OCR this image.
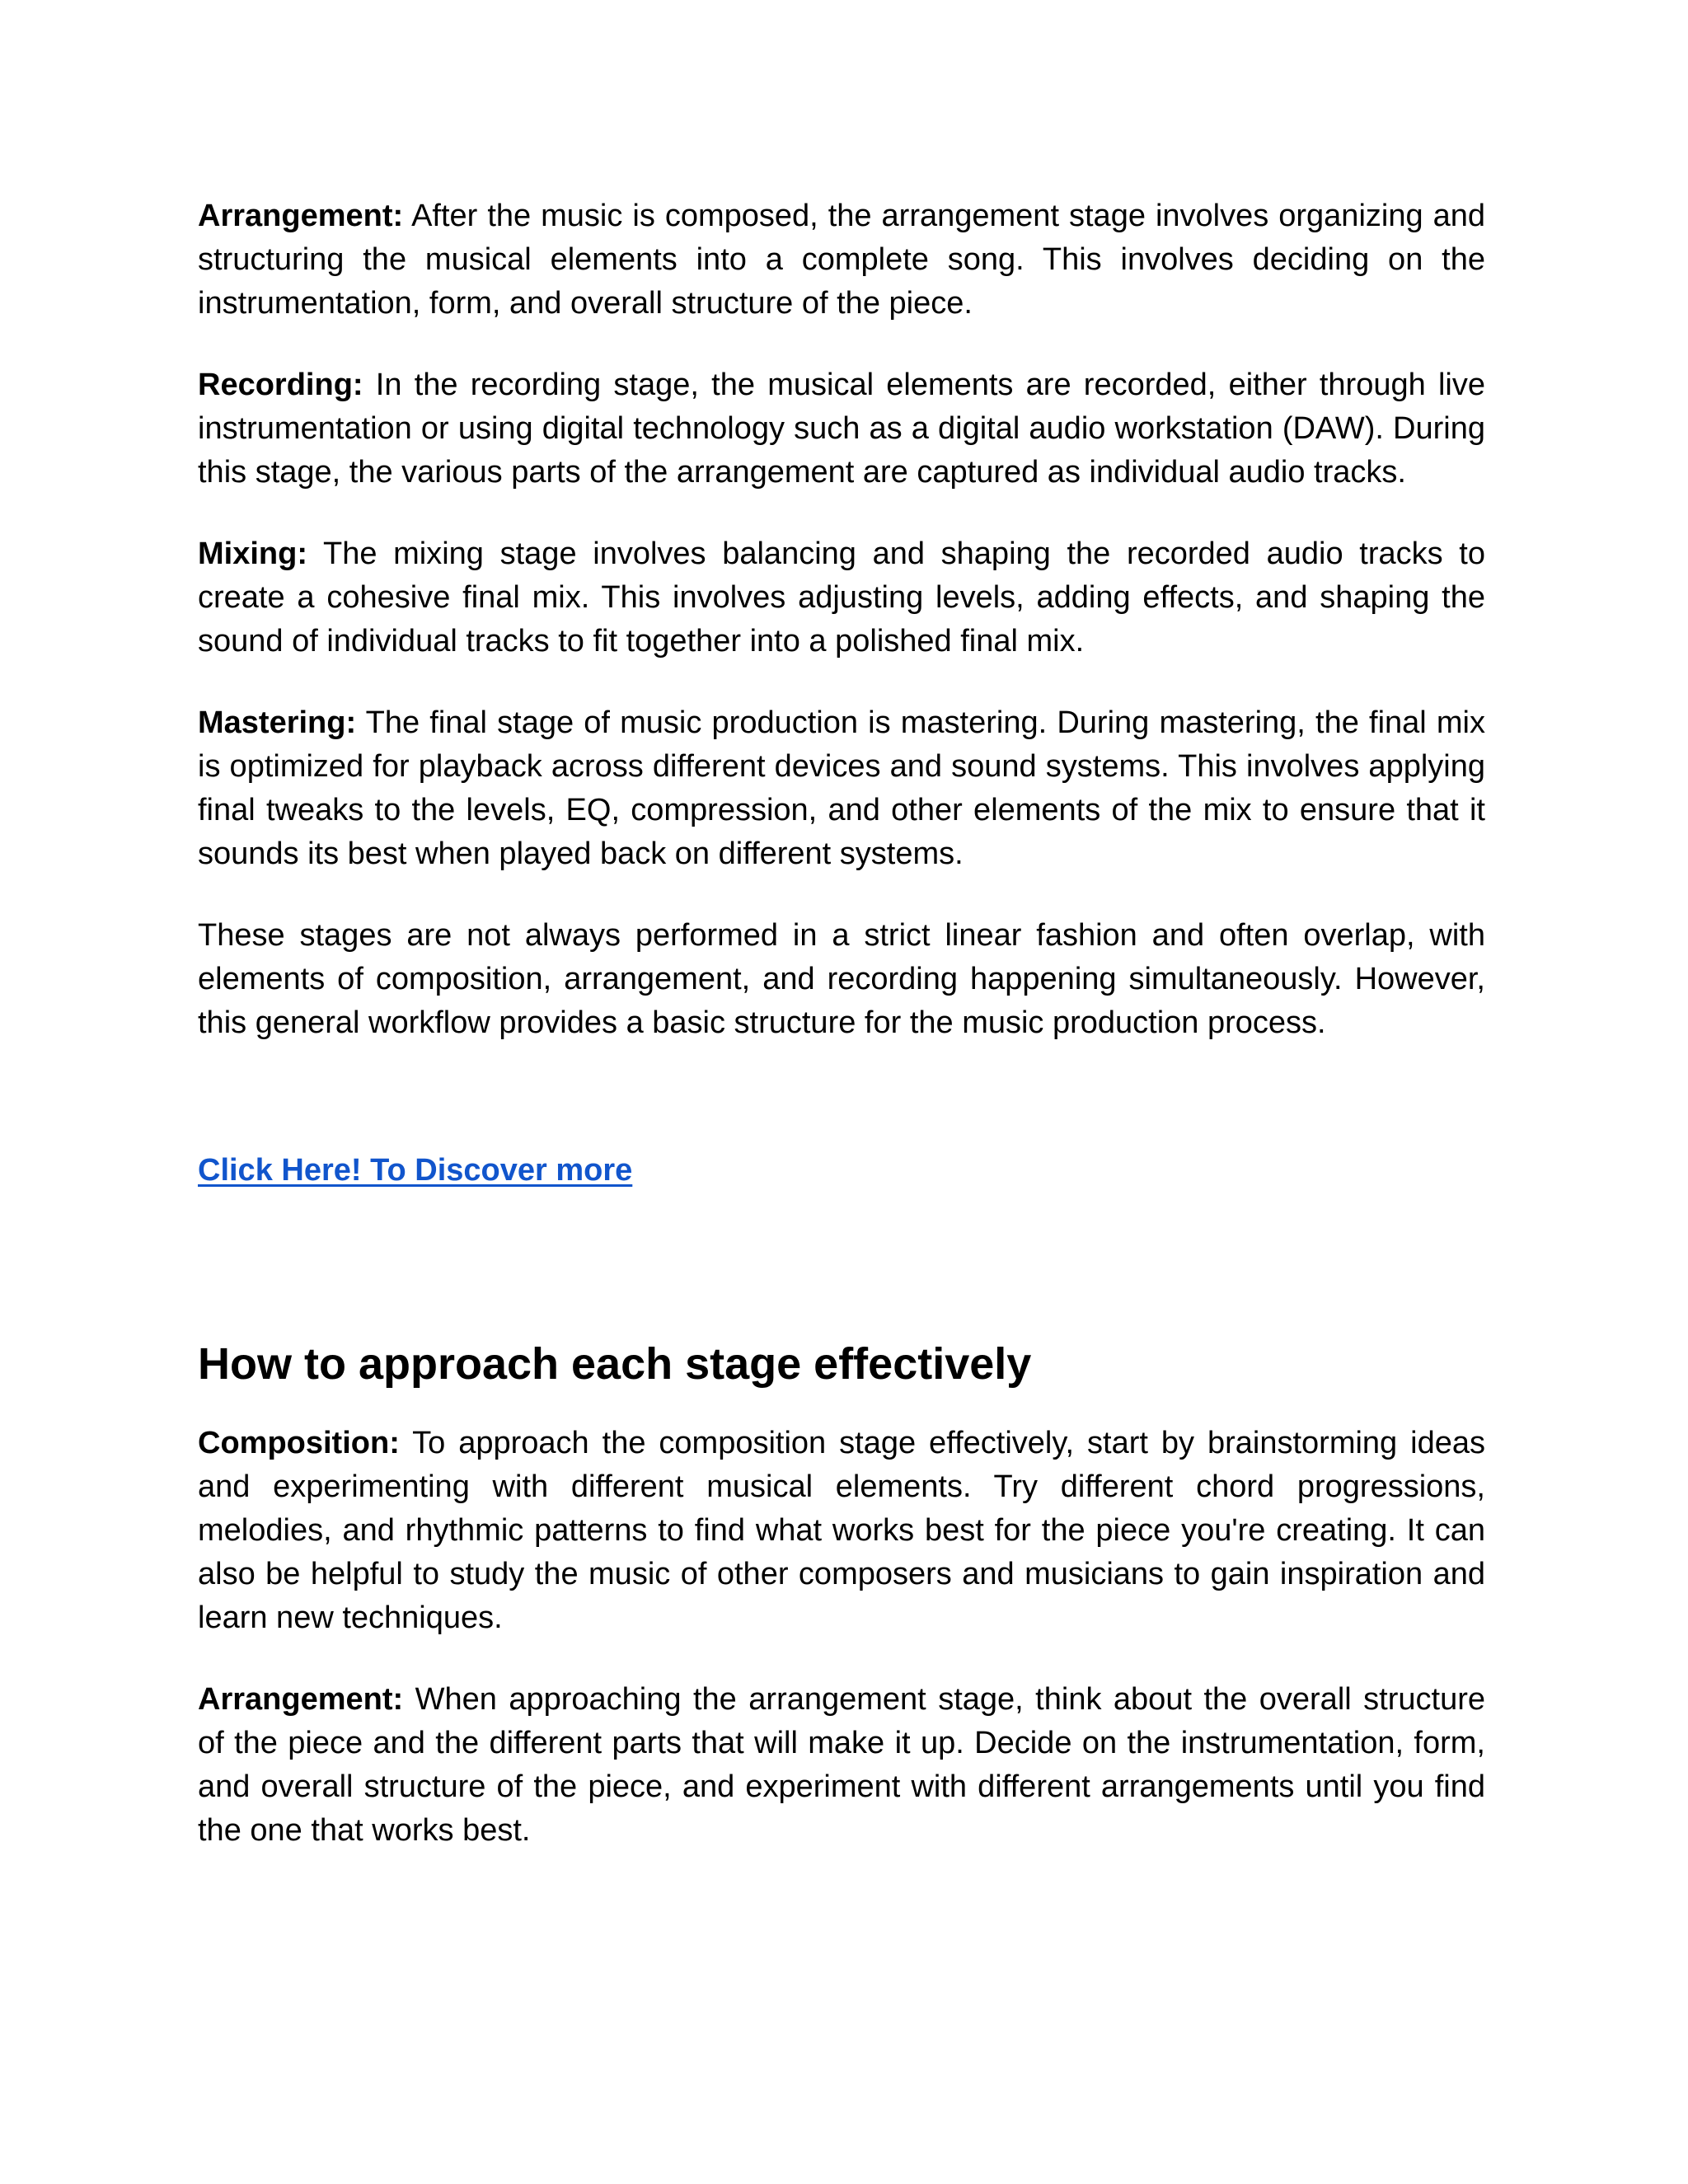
Arrangement: After the music is composed, the arrangement stage involves organizing and structuring the musical elements into a complete song. This involves deciding on the instrumentation, form, and overall structure of the piece.

Recording: In the recording stage, the musical elements are recorded, either through live instrumentation or using digital technology such as a digital audio workstation (DAW). During this stage, the various parts of the arrangement are captured as individual audio tracks.

Mixing: The mixing stage involves balancing and shaping the recorded audio tracks to create a cohesive final mix. This involves adjusting levels, adding effects, and shaping the sound of individual tracks to fit together into a polished final mix.

Mastering: The final stage of music production is mastering. During mastering, the final mix is optimized for playback across different devices and sound systems. This involves applying final tweaks to the levels, EQ, compression, and other elements of the mix to ensure that it sounds its best when played back on different systems.

These stages are not always performed in a strict linear fashion and often overlap, with elements of composition, arrangement, and recording happening simultaneously. However, this general workflow provides a basic structure for the music production process.

Click Here! To Discover more

How to approach each stage effectively

Composition: To approach the composition stage effectively, start by brainstorming ideas and experimenting with different musical elements. Try different chord progressions, melodies, and rhythmic patterns to find what works best for the piece you're creating. It can also be helpful to study the music of other composers and musicians to gain inspiration and learn new techniques.

Arrangement: When approaching the arrangement stage, think about the overall structure of the piece and the different parts that will make it up. Decide on the instrumentation, form, and overall structure of the piece, and experiment with different arrangements until you find the one that works best.
